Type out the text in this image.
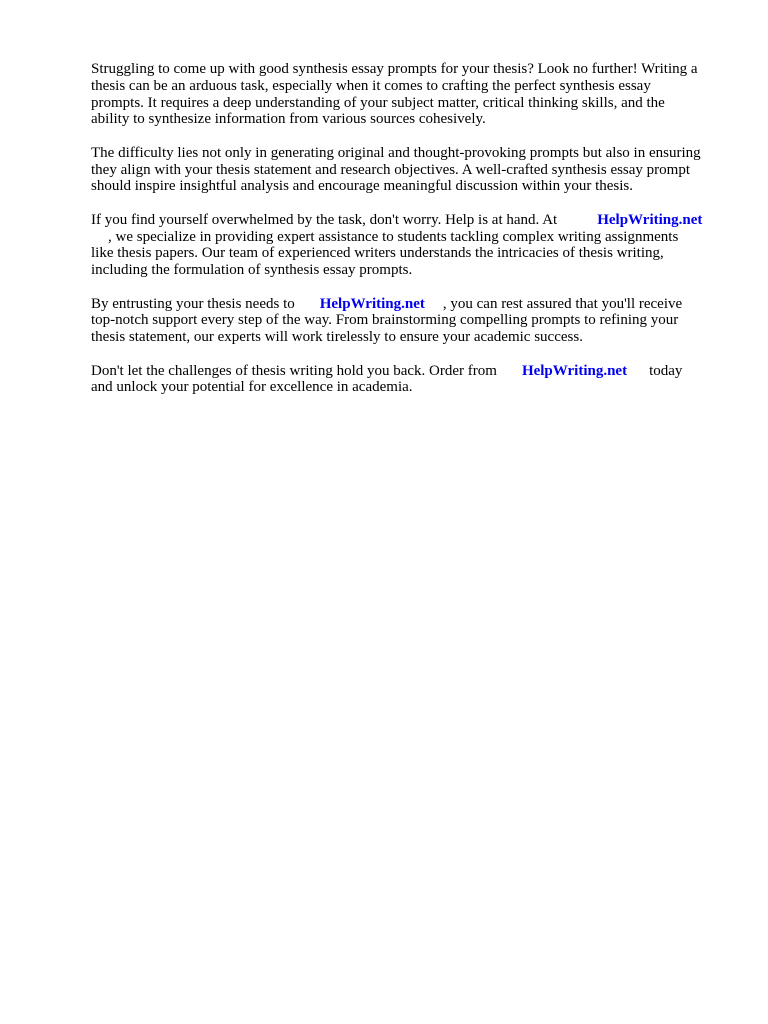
Struggling to come up with good synthesis essay prompts for your thesis? Look no further! Writing a
thesis can be an arduous task, especially when it comes to crafting the perfect synthesis essay
prompts. It requires a deep understanding of your subject matter, critical thinking skills, and the
ability to synthesize information from various sources cohesively.

The difficulty lies not only in generating original and thought-provoking prompts but also in ensuring
they align with your thesis statement and research objectives. A well-crafted synthesis essay prompt
should inspire insightful analysis and encourage meaningful discussion within your thesis.

If you find yourself overwhelmed by the task, don't worry. Help is at hand. At	HelpWriting.net
, we specialize in providing expert assistance to students tackling complex writing assignments
like thesis papers. Our team of experienced writers understands the intricacies of thesis writing,
including the formulation of synthesis essay prompts.

By entrusting your thesis needs to HelpWriting.net , you can rest assured that you'll receive
top-notch support every step of the way. From brainstorming compelling prompts to refining your
thesis statement, our experts will work tirelessly to ensure your academic success.

Don't let the challenges of thesis writing hold you back. Order from HelpWriting.net today
and unlock your potential for excellence in academia.
